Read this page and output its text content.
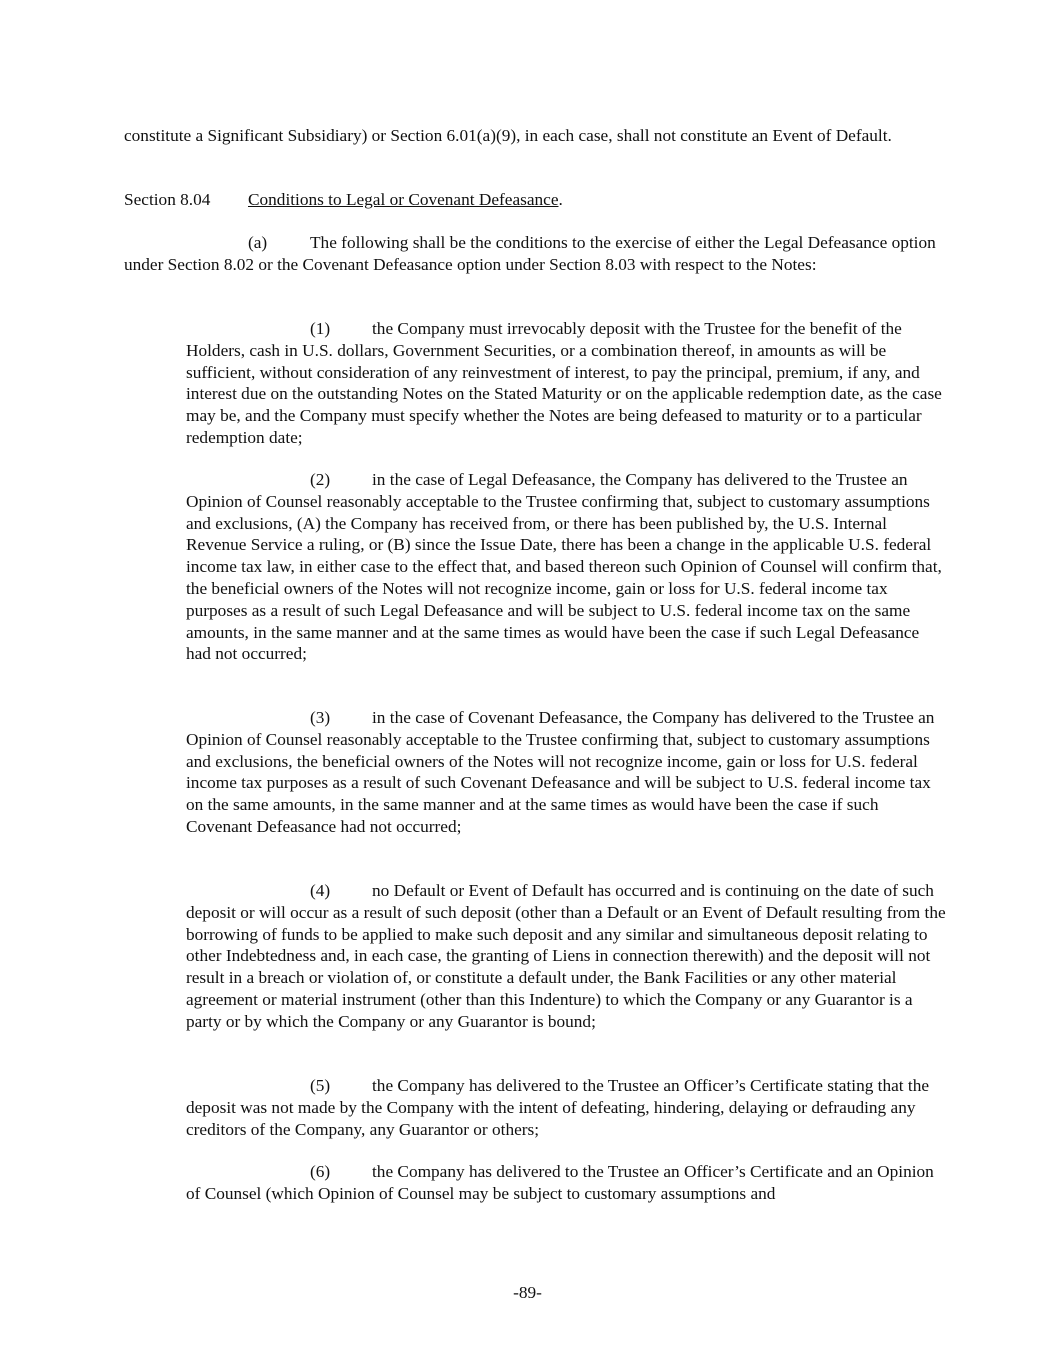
constitute a Significant Subsidiary) or Section 6.01(a)(9), in each case, shall not constitute an Event of Default.

Section 8.04 Conditions to Legal or Covenant Defeasance.

(a) The following shall be the conditions to the exercise of either the Legal Defeasance option under Section 8.02 or the Covenant Defeasance option under Section 8.03 with respect to the Notes:

(1) the Company must irrevocably deposit with the Trustee for the benefit of the Holders, cash in U.S. dollars, Government Securities, or a combination thereof, in amounts as will be sufficient, without consideration of any reinvestment of interest, to pay the principal, premium, if any, and interest due on the outstanding Notes on the Stated Maturity or on the applicable redemption date, as the case may be, and the Company must specify whether the Notes are being defeased to maturity or to a particular redemption date;

(2) in the case of Legal Defeasance, the Company has delivered to the Trustee an Opinion of Counsel reasonably acceptable to the Trustee confirming that, subject to customary assumptions and exclusions, (A) the Company has received from, or there has been published by, the U.S. Internal Revenue Service a ruling, or (B) since the Issue Date, there has been a change in the applicable U.S. federal income tax law, in either case to the effect that, and based thereon such Opinion of Counsel will confirm that, the beneficial owners of the Notes will not recognize income, gain or loss for U.S. federal income tax purposes as a result of such Legal Defeasance and will be subject to U.S. federal income tax on the same amounts, in the same manner and at the same times as would have been the case if such Legal Defeasance had not occurred;

(3) in the case of Covenant Defeasance, the Company has delivered to the Trustee an Opinion of Counsel reasonably acceptable to the Trustee confirming that, subject to customary assumptions and exclusions, the beneficial owners of the Notes will not recognize income, gain or loss for U.S. federal income tax purposes as a result of such Covenant Defeasance and will be subject to U.S. federal income tax on the same amounts, in the same manner and at the same times as would have been the case if such Covenant Defeasance had not occurred;

(4) no Default or Event of Default has occurred and is continuing on the date of such deposit or will occur as a result of such deposit (other than a Default or an Event of Default resulting from the borrowing of funds to be applied to make such deposit and any similar and simultaneous deposit relating to other Indebtedness and, in each case, the granting of Liens in connection therewith) and the deposit will not result in a breach or violation of, or constitute a default under, the Bank Facilities or any other material agreement or material instrument (other than this Indenture) to which the Company or any Guarantor is a party or by which the Company or any Guarantor is bound;

(5) the Company has delivered to the Trustee an Officer’s Certificate stating that the deposit was not made by the Company with the intent of defeating, hindering, delaying or defrauding any creditors of the Company, any Guarantor or others;

(6) the Company has delivered to the Trustee an Officer’s Certificate and an Opinion of Counsel (which Opinion of Counsel may be subject to customary assumptions and

-89-
